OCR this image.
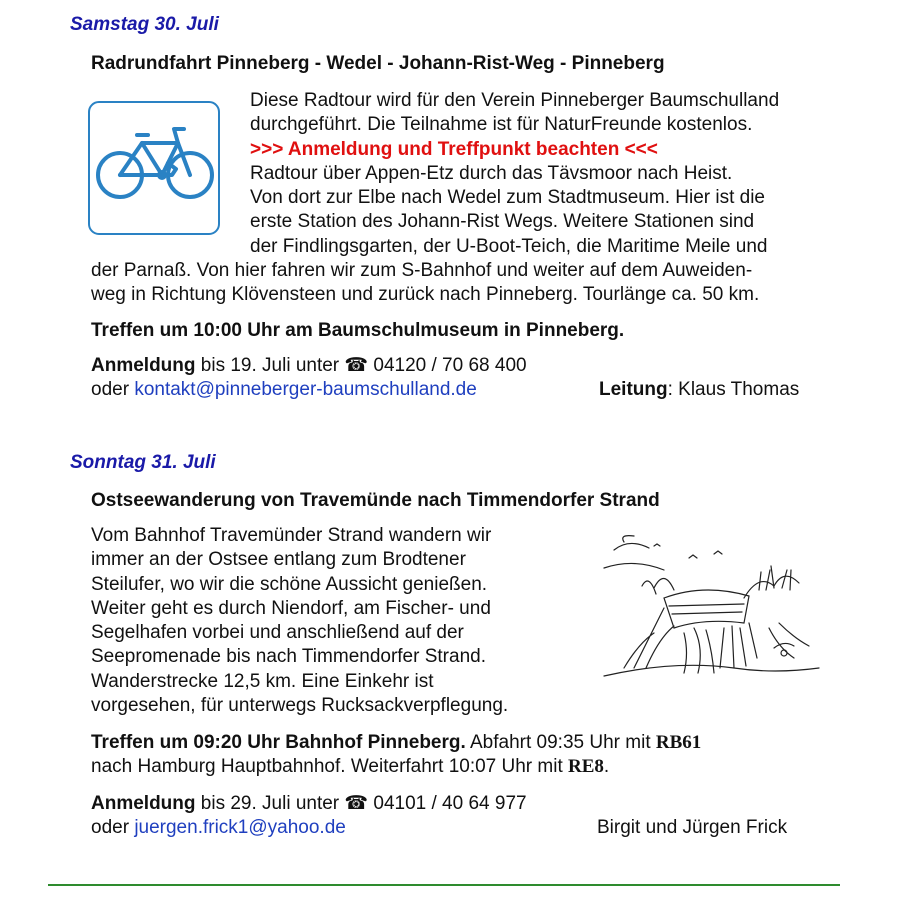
Samstag 30. Juli
Radrundfahrt Pinneberg - Wedel - Johann-Rist-Weg - Pinneberg
Diese Radtour wird für den Verein Pinneberger Baumschulland
durchgeführt. Die Teilnahme ist für NaturFreunde kostenlos.
>>> Anmeldung und Treffpunkt beachten <<<
Radtour über Appen-Etz durch das Tävsmoor nach Heist.
Von dort zur Elbe nach Wedel zum Stadtmuseum. Hier ist die
erste Station des Johann-Rist Wegs. Weitere Stationen sind
der Findlingsgarten, der U-Boot-Teich, die Maritime Meile und
der Parnaß. Von hier fahren wir zum S-Bahnhof und weiter auf dem Auweiden-
weg in Richtung Klövensteen und zurück nach Pinneberg. Tourlänge ca. 50 km.
Treffen um 10:00 Uhr am Baumschulmuseum in Pinneberg.
Anmeldung bis 19. Juli unter ☎ 04120 / 70 68 400
oder kontakt@pinneberger-baumschulland.de	Leitung: Klaus Thomas
Sonntag 31. Juli
Ostseewanderung von Travemünde nach Timmendorfer Strand
Vom Bahnhof Travemünder Strand wandern wir
immer an der Ostsee entlang zum Brodtener
Steilufer, wo wir die schöne Aussicht genießen.
Weiter geht es durch Niendorf, am Fischer- und
Segelhafen vorbei und anschließend auf der
Seepromenade bis nach Timmendorfer Strand.
Wanderstrecke 12,5 km. Eine Einkehr ist
vorgesehen, für unterwegs Rucksackverpflegung.
Treffen um 09:20 Uhr Bahnhof Pinneberg. Abfahrt 09:35 Uhr mit RB61
nach Hamburg Hauptbahnhof. Weiterfahrt 10:07 Uhr mit RE8.
Anmeldung bis 29. Juli unter ☎ 04101 / 40 64 977
oder juergen.frick1@yahoo.de	Birgit und Jürgen Frick
